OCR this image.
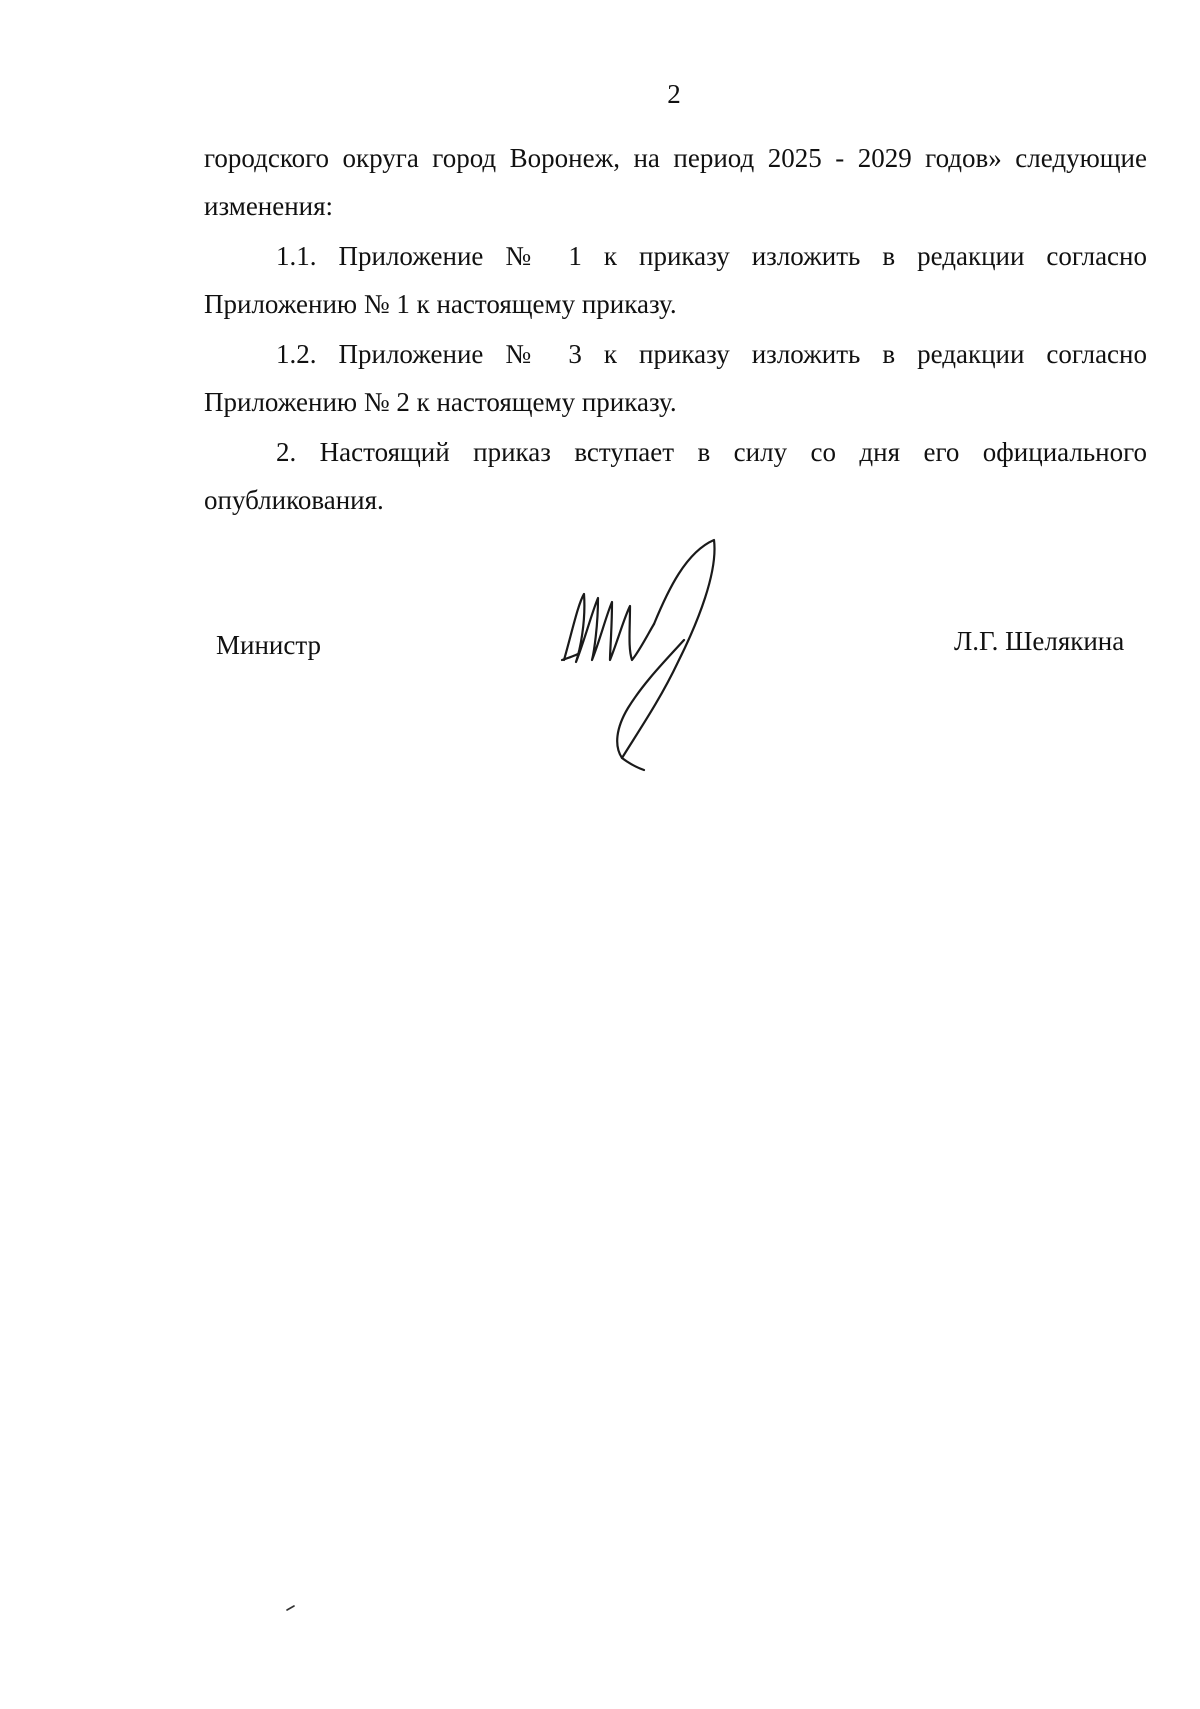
2

городского округа город Воронеж, на период 2025 - 2029 годов» следующие изменения:

1.1. Приложение № 1 к приказу изложить в редакции согласно Приложению № 1 к настоящему приказу.

1.2. Приложение № 3 к приказу изложить в редакции согласно Приложению № 2 к настоящему приказу.

2. Настоящий приказ вступает в силу со дня его официального опубликования.

Министр	Л.Г. Шелякина
